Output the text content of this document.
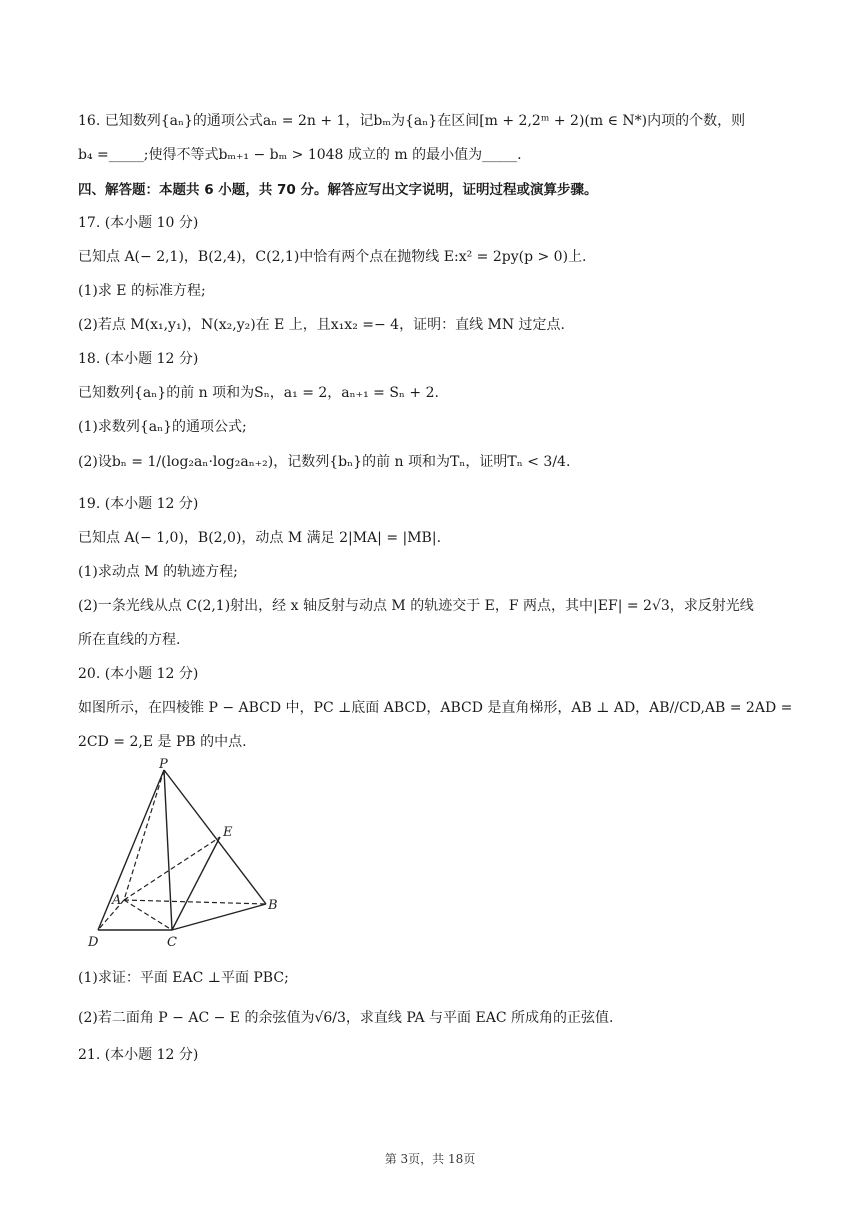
16. 已知数列{aₙ}的通项公式aₙ = 2n + 1，记bₘ为{aₙ}在区间[m + 2,2ᵐ + 2)(m ∈ N*)内项的个数，则
b₄ =_____;使得不等式bₘ₊₁ − bₘ > 1048 成立的 m 的最小值为_____.
四、解答题：本题共 6 小题，共 70 分。解答应写出文字说明，证明过程或演算步骤。
17. (本小题 10 分)
已知点 A(− 2,1)，B(2,4)，C(2,1)中恰有两个点在抛物线 E:x² = 2py(p > 0)上.
(1)求 E 的标准方程;
(2)若点 M(x₁,y₁)，N(x₂,y₂)在 E 上，且x₁x₂ =− 4，证明：直线 MN 过定点.
18. (本小题 12 分)
已知数列{aₙ}的前 n 项和为Sₙ，a₁ = 2，aₙ₊₁ = Sₙ + 2.
(1)求数列{aₙ}的通项公式;
(2)设bₙ = 1/(log₂aₙ·log₂aₙ₊₂)，记数列{bₙ}的前 n 项和为Tₙ，证明Tₙ < 3/4.
19. (本小题 12 分)
已知点 A(− 1,0)，B(2,0)，动点 M 满足 2|MA| = |MB|.
(1)求动点 M 的轨迹方程;
(2)一条光线从点 C(2,1)射出，经 x 轴反射与动点 M 的轨迹交于 E，F 两点，其中|EF| = 2√3，求反射光线
所在直线的方程.
20. (本小题 12 分)
如图所示，在四棱锥 P − ABCD 中，PC ⊥底面 ABCD，ABCD 是直角梯形，AB ⊥ AD，AB//CD,AB = 2AD =
2CD = 2,E 是 PB 的中点.
P
E
A	B
C
D
(1)求证：平面 EAC ⊥平面 PBC;
(2)若二面角 P − AC − E 的余弦值为√6/3，求直线 PA 与平面 EAC 所成角的正弦值.
21. (本小题 12 分)
第 3页，共 18页
